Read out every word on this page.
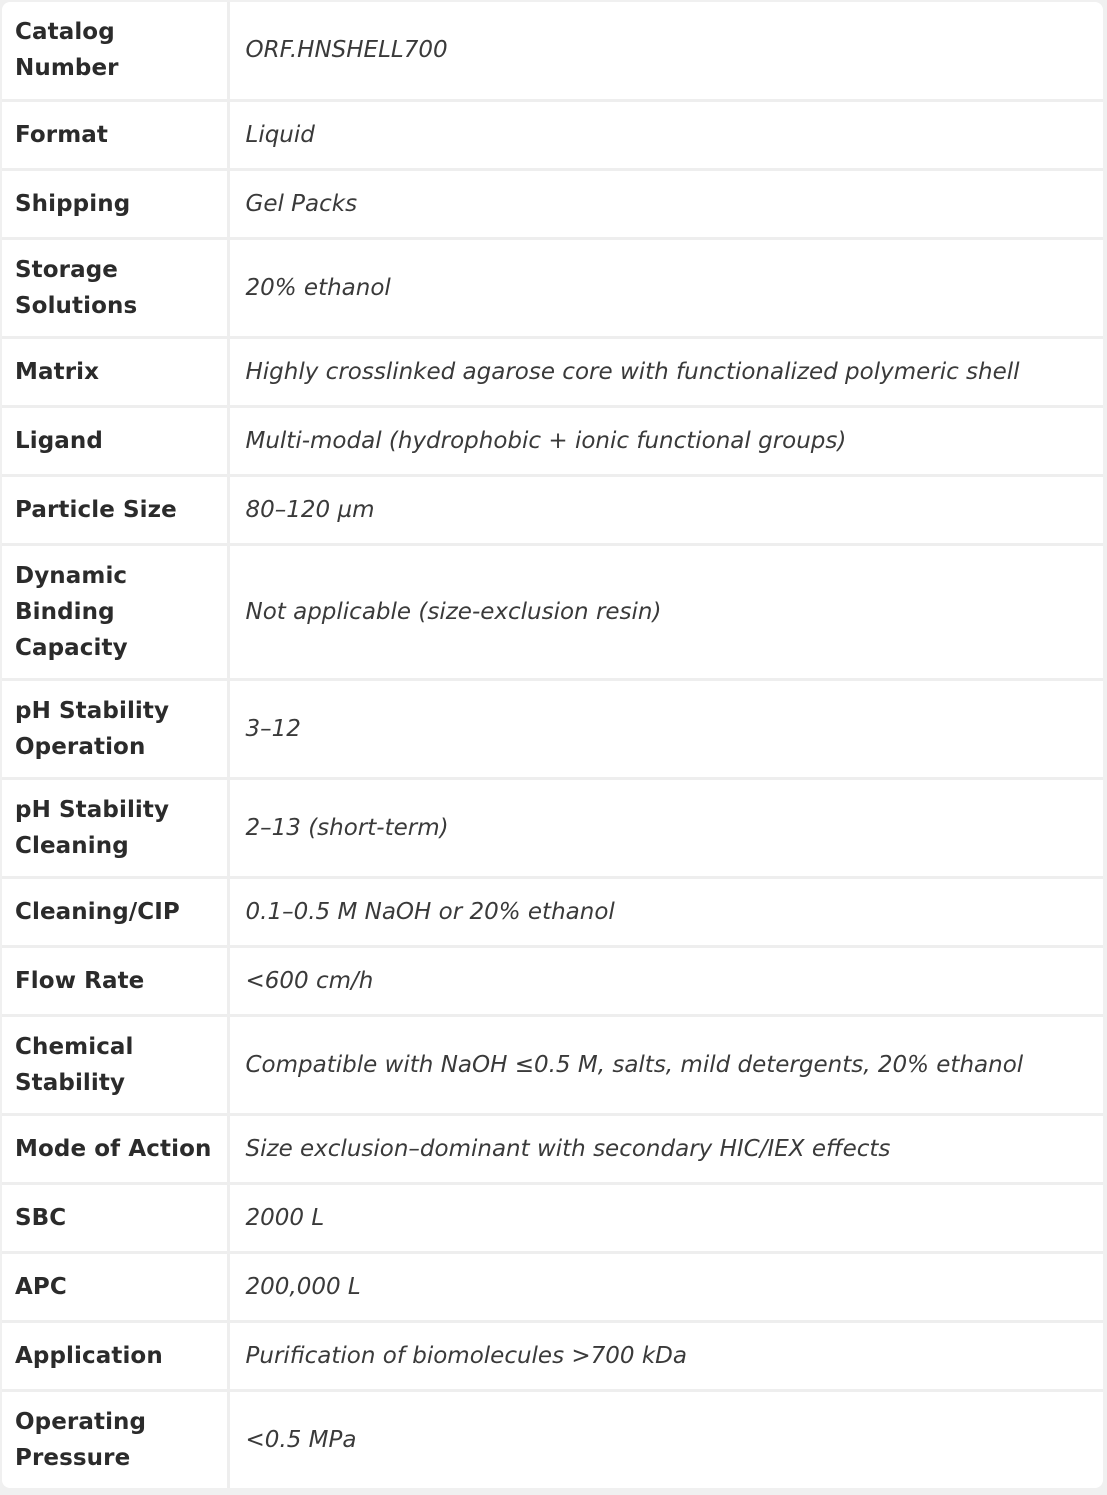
Catalog Number	ORF.HNSHELL700
Format	Liquid
Shipping	Gel Packs
Storage Solutions	20% ethanol
Matrix	Highly crosslinked agarose core with functionalized polymeric shell
Ligand	Multi-modal (hydrophobic + ionic functional groups)
Particle Size	80–120 µm
Dynamic Binding Capacity	Not applicable (size-exclusion resin)
pH Stability Operation	3–12
pH Stability Cleaning	2–13 (short-term)
Cleaning/CIP	0.1–0.5 M NaOH or 20% ethanol
Flow Rate	<600 cm/h
Chemical Stability	Compatible with NaOH ≤0.5 M, salts, mild detergents, 20% ethanol
Mode of Action	Size exclusion–dominant with secondary HIC/IEX effects
SBC	2000 L
APC	200,000 L
Application	Purification of biomolecules >700 kDa
Operating Pressure	<0.5 MPa
